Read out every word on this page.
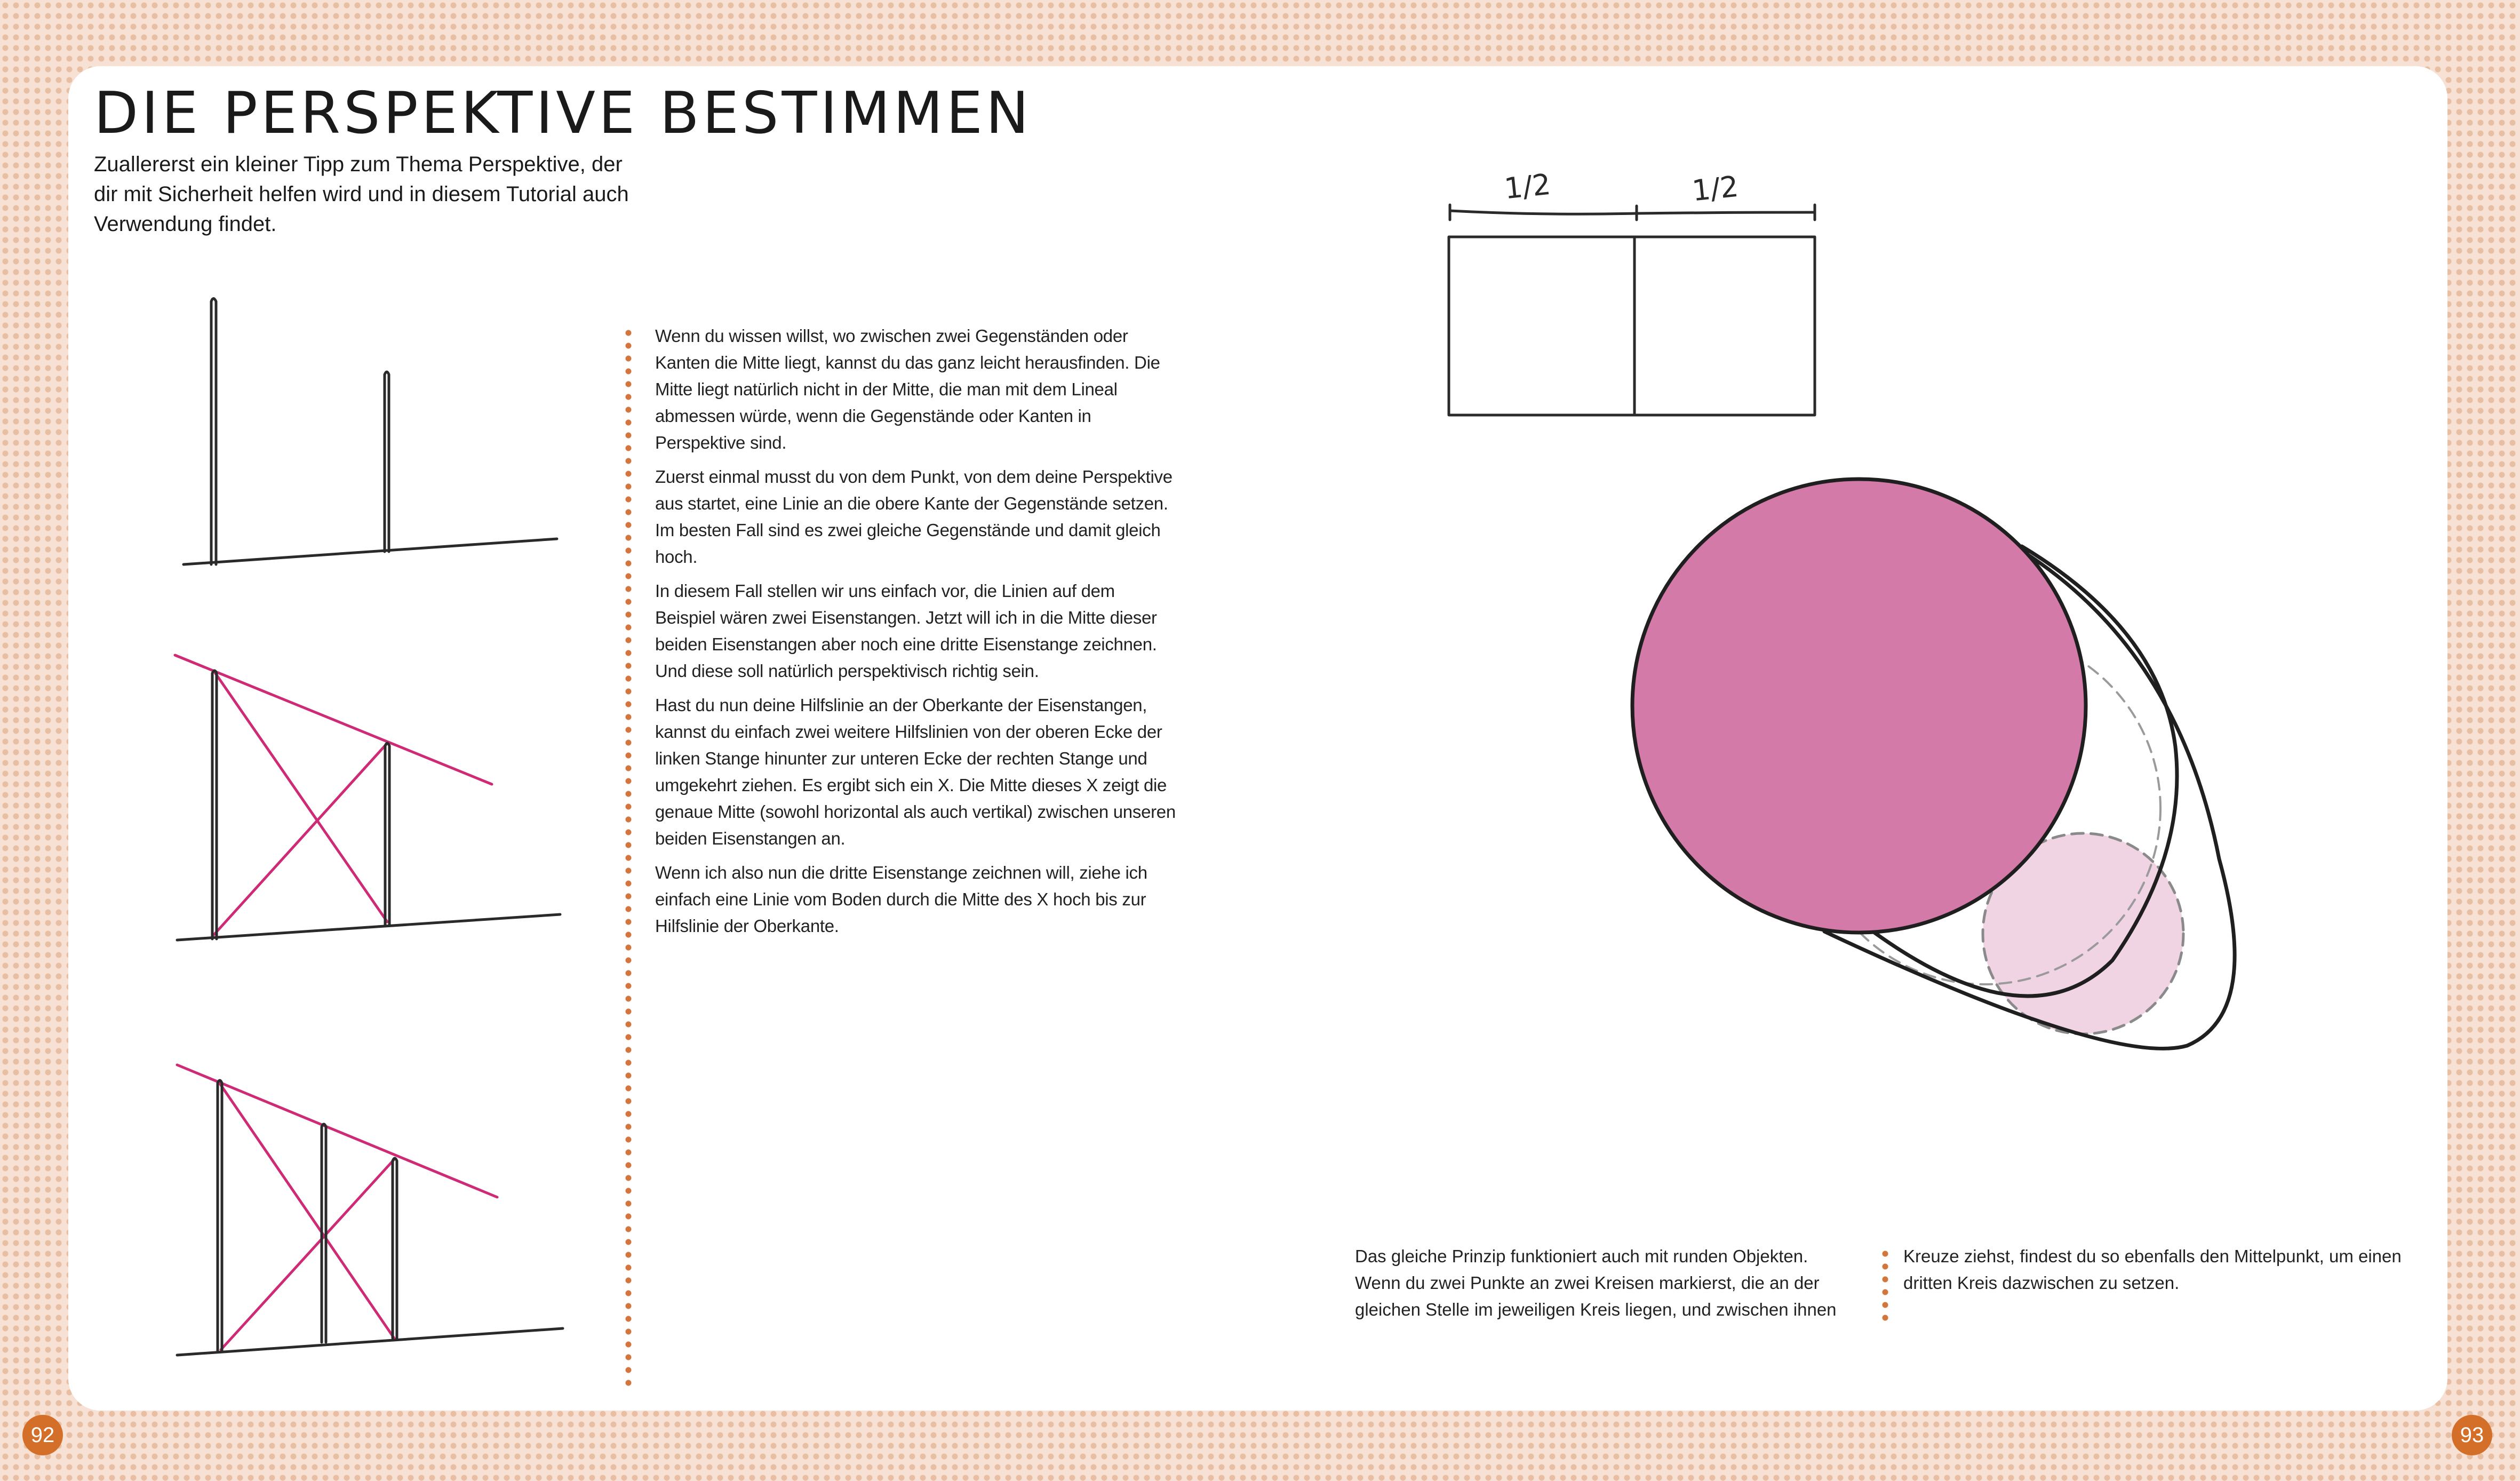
DIE PERSPEKTIVE BESTIMMEN

Zuallererst ein kleiner Tipp zum Thema Perspektive, der dir mit Sicherheit helfen wird und in diesem Tutorial auch Verwendung findet.

Wenn du wissen willst, wo zwischen zwei Gegenständen oder Kanten die Mitte liegt, kannst du das ganz leicht herausfinden. Die Mitte liegt natürlich nicht in der Mitte, die man mit dem Lineal abmessen würde, wenn die Gegenstände oder Kanten in Perspektive sind.

Zuerst einmal musst du von dem Punkt, von dem deine Perspektive aus startet, eine Linie an die obere Kante der Gegenstände setzen. Im besten Fall sind es zwei gleiche Gegenstände und damit gleich hoch.

In diesem Fall stellen wir uns einfach vor, die Linien auf dem Beispiel wären zwei Eisenstangen. Jetzt will ich in die Mitte dieser beiden Eisenstangen aber noch eine dritte Eisenstange zeichnen. Und diese soll natürlich perspektivisch richtig sein.

Hast du nun deine Hilfslinie an der Oberkante der Eisenstangen, kannst du einfach zwei weitere Hilfslinien von der oberen Ecke der linken Stange hinunter zur unteren Ecke der rechten Stange und umgekehrt ziehen. Es ergibt sich ein X. Die Mitte dieses X zeigt die genaue Mitte (sowohl horizontal als auch vertikal) zwischen unseren beiden Eisenstangen an.

Wenn ich also nun die dritte Eisenstange zeichnen will, ziehe ich einfach eine Linie vom Boden durch die Mitte des X hoch bis zur Hilfslinie der Oberkante.

Das gleiche Prinzip funktioniert auch mit runden Objekten. Wenn du zwei Punkte an zwei Kreisen markierst, die an der gleichen Stelle im jeweiligen Kreis liegen, und zwischen ihnen
Kreuze ziehst, findest du so ebenfalls den Mittelpunkt, um einen dritten Kreis dazwischen zu setzen.
1/2	1/2
92	93
